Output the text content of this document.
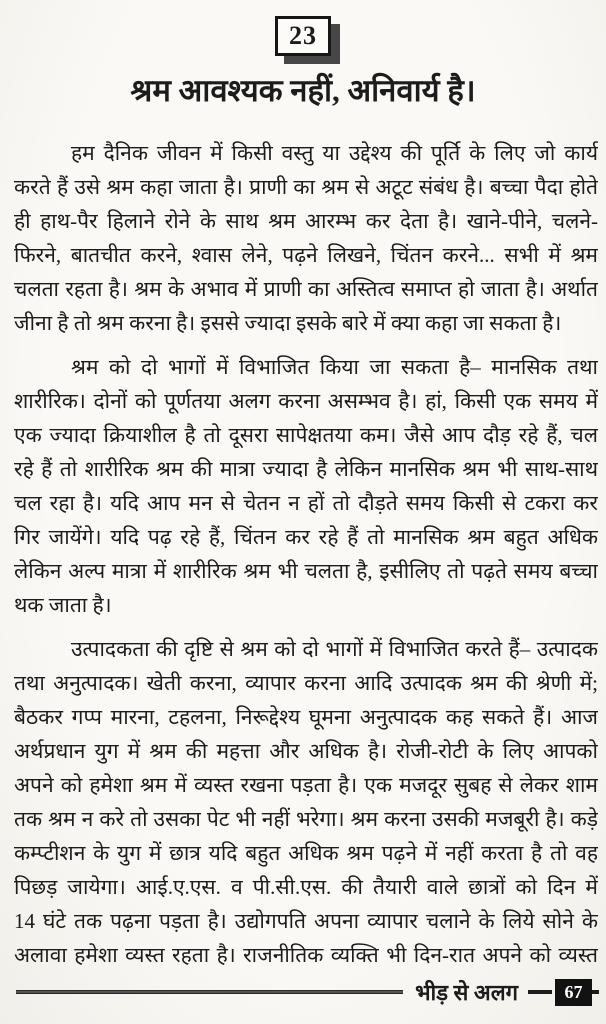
23
श्रम आवश्यक नहीं, अनिवार्य है।
हम दैनिक जीवन में किसी वस्तु या उद्देश्य की पूर्ति के लिए जो कार्य
करते हैं उसे श्रम कहा जाता है। प्राणी का श्रम से अटूट संबंध है। बच्चा पैदा होते
ही हाथ-पैर हिलाने रोने के साथ श्रम आरम्भ कर देता है। खाने-पीने, चलने-
फिरने, बातचीत करने, श्वास लेने, पढ़ने लिखने, चिंतन करने... सभी में श्रम
चलता रहता है। श्रम के अभाव में प्राणी का अस्तित्व समाप्त हो जाता है। अर्थात
जीना है तो श्रम करना है। इससे ज्यादा इसके बारे में क्या कहा जा सकता है।
श्रम को दो भागों में विभाजित किया जा सकता है– मानसिक तथा
शारीरिक। दोनों को पूर्णतया अलग करना असम्भव है। हां, किसी एक समय में
एक ज्यादा क्रियाशील है तो दूसरा सापेक्षतया कम। जैसे आप दौड़ रहे हैं, चल
रहे हैं तो शारीरिक श्रम की मात्रा ज्यादा है लेकिन मानसिक श्रम भी साथ-साथ
चल रहा है। यदि आप मन से चेतन न हों तो दौड़ते समय किसी से टकरा कर
गिर जायेंगे। यदि पढ़ रहे हैं, चिंतन कर रहे हैं तो मानसिक श्रम बहुत अधिक
लेकिन अल्प मात्रा में शारीरिक श्रम भी चलता है, इसीलिए तो पढ़ते समय बच्चा
थक जाता है।
उत्पादकता की दृष्टि से श्रम को दो भागों में विभाजित करते हैं– उत्पादक
तथा अनुत्पादक। खेती करना, व्यापार करना आदि उत्पादक श्रम की श्रेणी में;
बैठकर गप्प मारना, टहलना, निरूद्देश्य घूमना अनुत्पादक कह सकते हैं। आज
अर्थप्रधान युग में श्रम की महत्ता और अधिक है। रोजी-रोटी के लिए आपको
अपने को हमेशा श्रम में व्यस्त रखना पड़ता है। एक मजदूर सुबह से लेकर शाम
तक श्रम न करे तो उसका पेट भी नहीं भरेगा। श्रम करना उसकी मजबूरी है। कड़े
कम्प्टीशन के युग में छात्र यदि बहुत अधिक श्रम पढ़ने में नहीं करता है तो वह
पिछड़ जायेगा। आई.ए.एस. व पी.सी.एस. की तैयारी वाले छात्रों को दिन में
14 घंटे तक पढ़ना पड़ता है। उद्योगपति अपना व्यापार चलाने के लिये सोने के
अलावा हमेशा व्यस्त रहता है। राजनीतिक व्यक्ति भी दिन-रात अपने को व्यस्त
भीड़ से अलग	67
